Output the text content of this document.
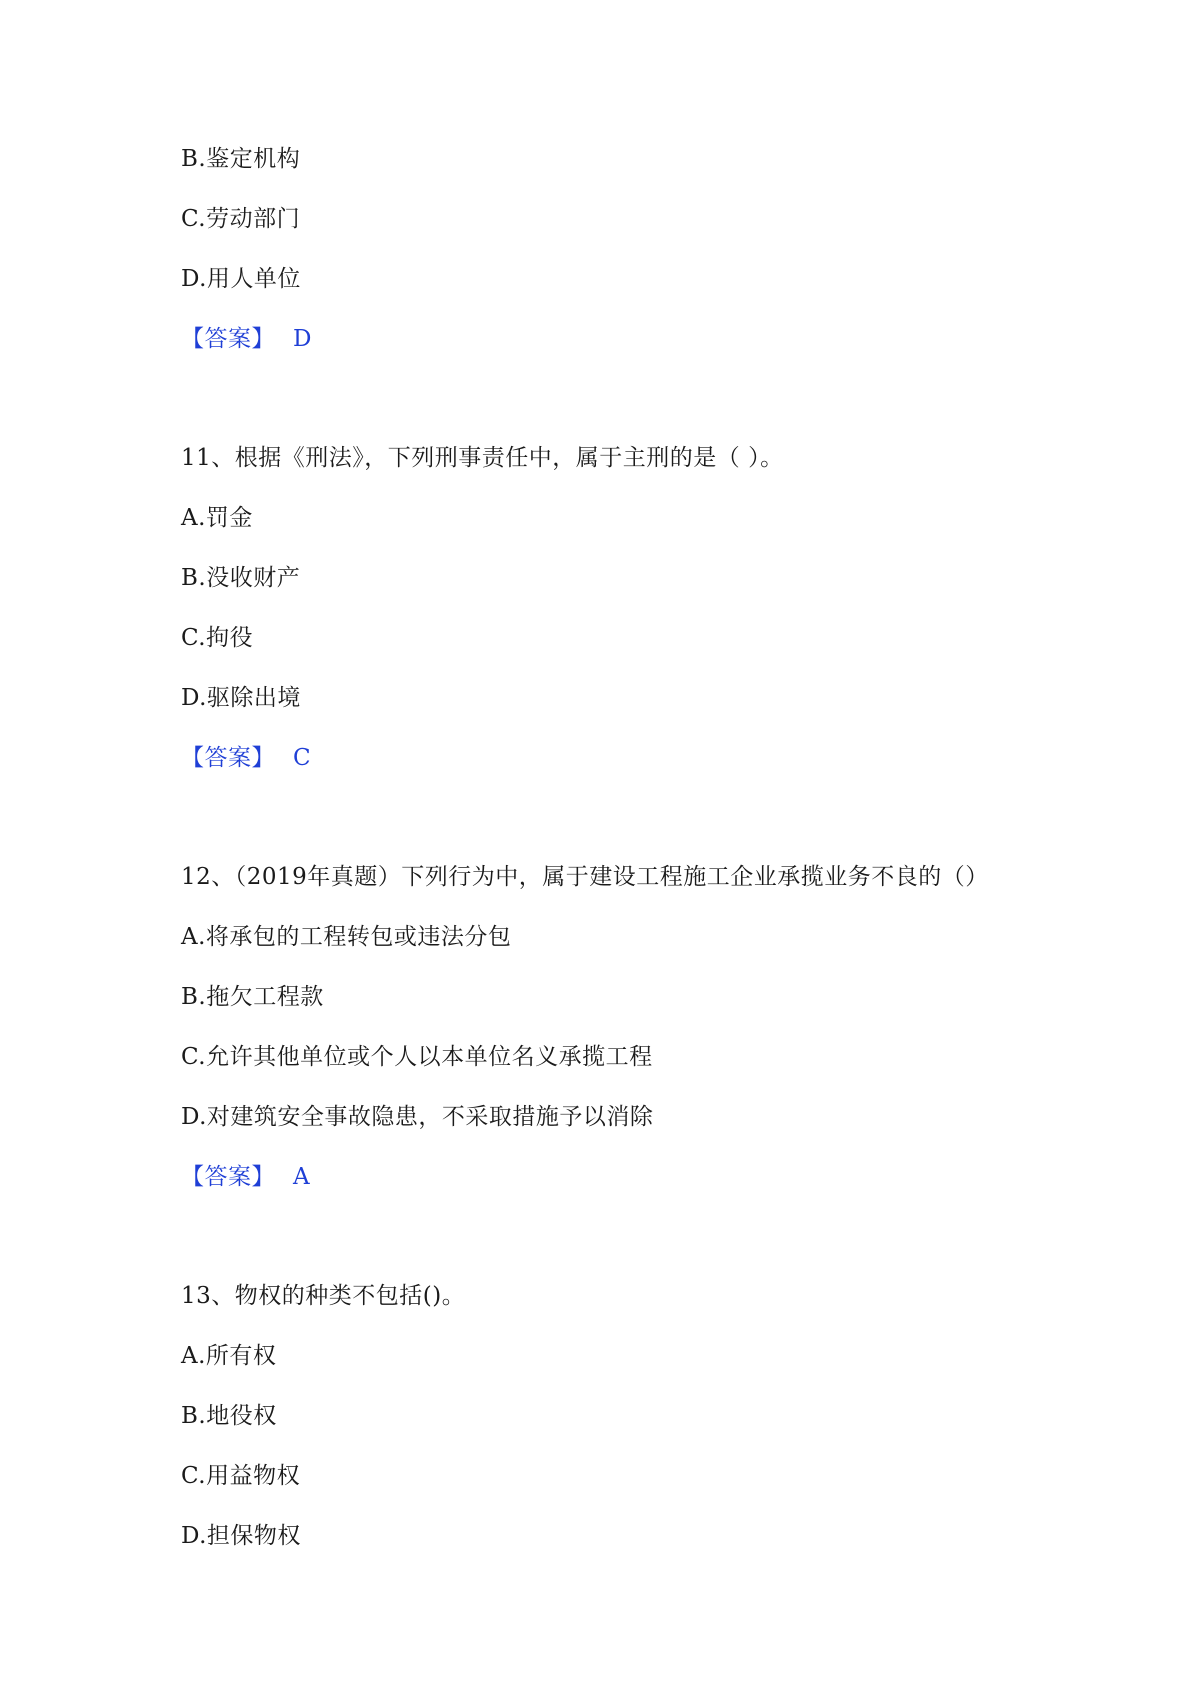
B.鉴定机构
C.劳动部门
D.用人单位
【答案】 D
11、根据《刑法》，下列刑事责任中，属于主刑的是（ ）。
A.罚金
B.没收财产
C.拘役
D.驱除出境
【答案】 C
12、（2019年真题）下列行为中，属于建设工程施工企业承揽业务不良的（）
A.将承包的工程转包或违法分包
B.拖欠工程款
C.允许其他单位或个人以本单位名义承揽工程
D.对建筑安全事故隐患，不采取措施予以消除
【答案】 A
13、物权的种类不包括()。
A.所有权
B.地役权
C.用益物权
D.担保物权
